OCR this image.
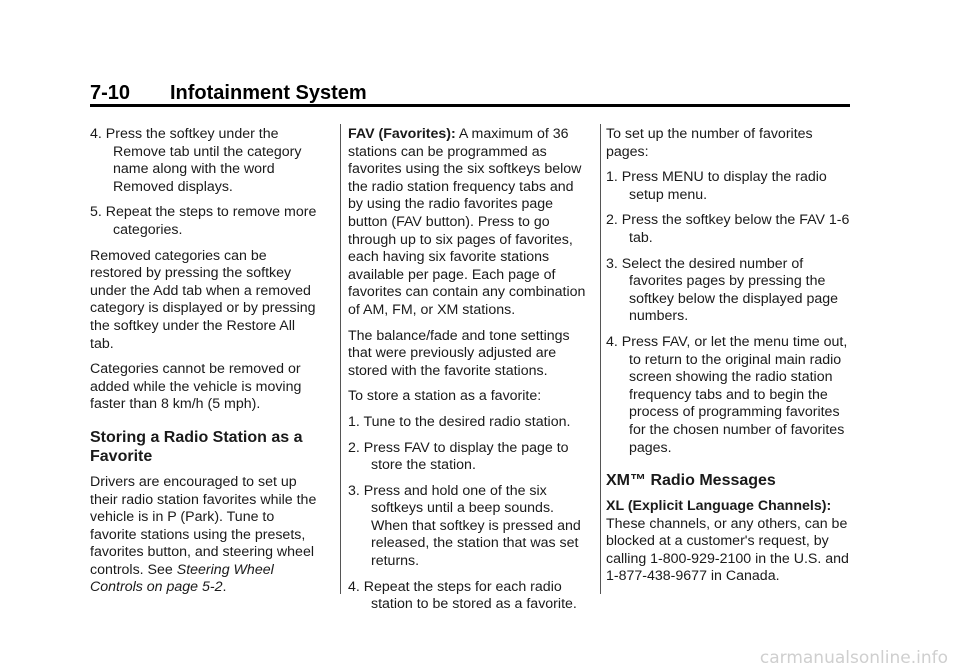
7-10 Infotainment System

4. Press the softkey under the Remove tab until the category name along with the word Removed displays.

5. Repeat the steps to remove more categories.

Removed categories can be restored by pressing the softkey under the Add tab when a removed category is displayed or by pressing the softkey under the Restore All tab.

Categories cannot be removed or added while the vehicle is moving faster than 8 km/h (5 mph).

Storing a Radio Station as a Favorite

Drivers are encouraged to set up their radio station favorites while the vehicle is in P (Park). Tune to favorite stations using the presets, favorites button, and steering wheel controls. See Steering Wheel Controls on page 5-2.

FAV (Favorites): A maximum of 36 stations can be programmed as favorites using the six softkeys below the radio station frequency tabs and by using the radio favorites page button (FAV button). Press to go through up to six pages of favorites, each having six favorite stations available per page. Each page of favorites can contain any combination of AM, FM, or XM stations.

The balance/fade and tone settings that were previously adjusted are stored with the favorite stations.

To store a station as a favorite:

1. Tune to the desired radio station.

2. Press FAV to display the page to store the station.

3. Press and hold one of the six softkeys until a beep sounds. When that softkey is pressed and released, the station that was set returns.

4. Repeat the steps for each radio station to be stored as a favorite.

To set up the number of favorites pages:

1. Press MENU to display the radio setup menu.

2. Press the softkey below the FAV 1-6 tab.

3. Select the desired number of favorites pages by pressing the softkey below the displayed page numbers.

4. Press FAV, or let the menu time out, to return to the original main radio screen showing the radio station frequency tabs and to begin the process of programming favorites for the chosen number of favorites pages.

XM™ Radio Messages

XL (Explicit Language Channels): These channels, or any others, can be blocked at a customer's request, by calling 1-800-929-2100 in the U.S. and 1-877-438-9677 in Canada.

carmanualsonline.info
